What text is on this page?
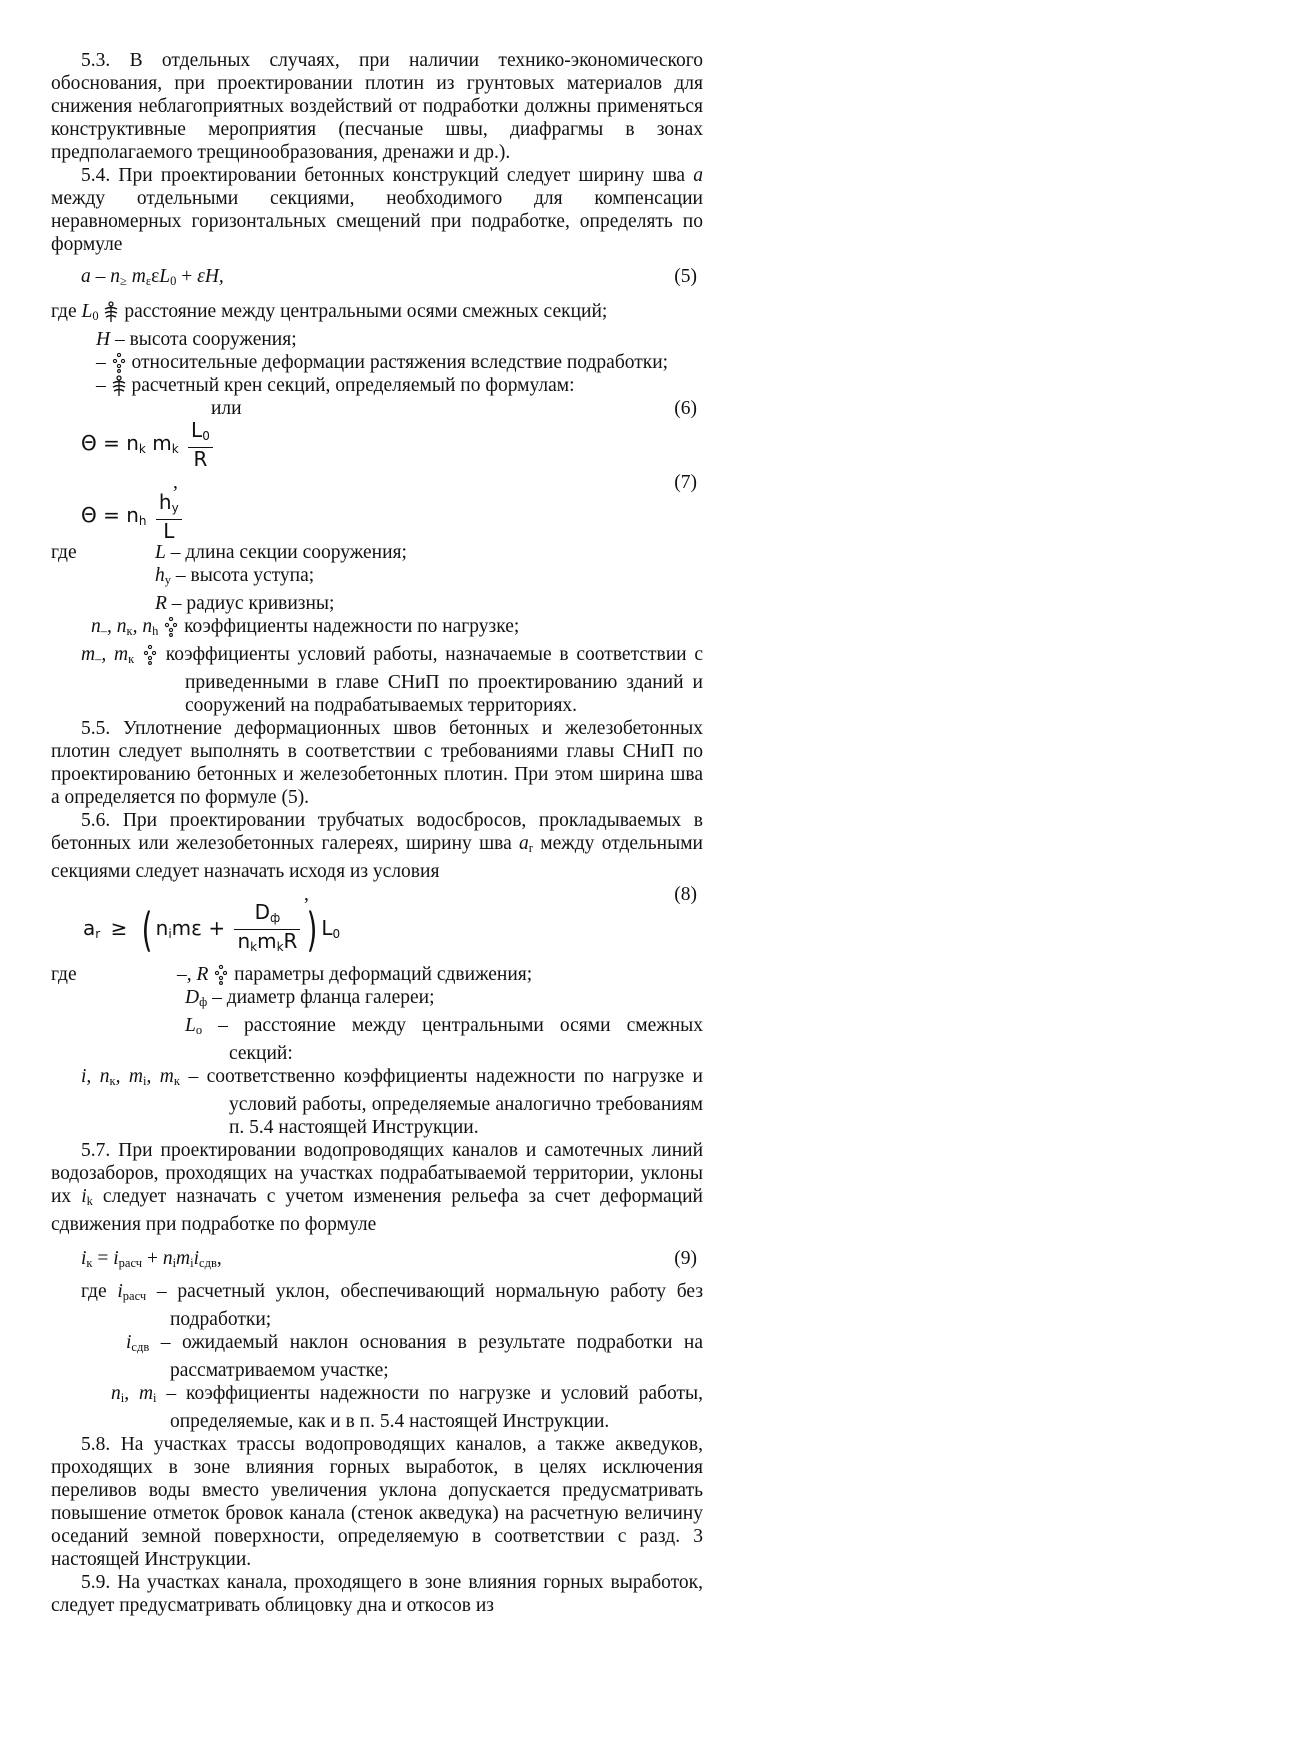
5.3. В отдельных случаях, при наличии технико-экономического обоснования, при проектировании плотин из грунтовых материалов для снижения неблагоприятных воздействий от подработки должны применяться конструктивные мероприятия (песчаные швы, диафрагмы в зонах предполагаемого трещинообразования, дренажи и др.).

5.4. При проектировании бетонных конструкций следует ширину шва a между отдельными секциями, необходимого для компенсации неравномерных горизонтальных смещений при подработке, определять по формуле

a – $n_\ge$ $m_\varepsilon\varepsilon L_0 + \varepsilon H$,	(5)

где $L_0$ расстояние между центральными осями смежных секций;

H – высота сооружения;

– относительные деформации растяжения вследствие подработки;

– расчетный крен секций, определяемый по формулам:

или	(6)
Θ = nk mk $\frac{L0}{R}$
,	(7)
Θ = nh $\frac{hy}{L}$
где	L – длина секции сооружения;

$h_y$ – высота уступа;

R – радиус кривизны;

$n_-$, $n_к$, $n_h$ коэффициенты надежности по нагрузке;

$m_-$, $m_к$ коэффициенты условий работы, назначаемые в соответствии с приведенными в главе СНиП по проектированию зданий и сооружений на подрабатываемых территориях.

5.5. Уплотнение деформационных швов бетонных и железобетонных плотин следует выполнять в соответствии с требованиями главы СНиП по проектированию бетонных и железобетонных плотин. При этом ширина шва а определяется по формуле (5).

5.6. При проектировании трубчатых водосбросов, прокладываемых в бетонных или железобетонных галереях, ширину шва $a_r$ между отдельными секциями следует назначать исходя из условия

,	(8)
ar ≥ ( $nim\varepsilon + \frac{Dф}{\text{nkmkR}}$ ) L0
где	–, R параметры деформаций сдвижения;

$D_ф$ – диаметр фланца галереи;

$L_о$ – расстояние между центральными осями смежных секций:

i, $n_к$, $m_i$, $m_к$ – соответственно коэффициенты надежности по нагрузке и условий работы, определяемые аналогично требованиям п. 5.4 настоящей Инструкции.

5.7. При проектировании водопроводящих каналов и самотечных линий водозаборов, проходящих на участках подрабатываемой территории, уклоны их $i_k$ следует назначать с учетом изменения рельефа за счет деформаций сдвижения при подработке по формуле

$i_к = i_{расч} + n_im_ii_{сдв}$,	(9)

где $i_{расч}$ – расчетный уклон, обеспечивающий нормальную работу без подработки;

$i_{сдв}$ – ожидаемый наклон основания в результате подработки на рассматриваемом участке;

$n_i$, $m_i$ – коэффициенты надежности по нагрузке и условий работы, определяемые, как и в п. 5.4 настоящей Инструкции.

5.8. На участках трассы водопроводящих каналов, а также акведуков, проходящих в зоне влияния горных выработок, в целях исключения переливов воды вместо увеличения уклона допускается предусматривать повышение отметок бровок канала (стенок акведука) на расчетную величину оседаний земной поверхности, определяемую в соответствии с разд. 3 настоящей Инструкции.

5.9. На участках канала, проходящего в зоне влияния горных выработок, следует предусматривать облицовку дна и откосов из
